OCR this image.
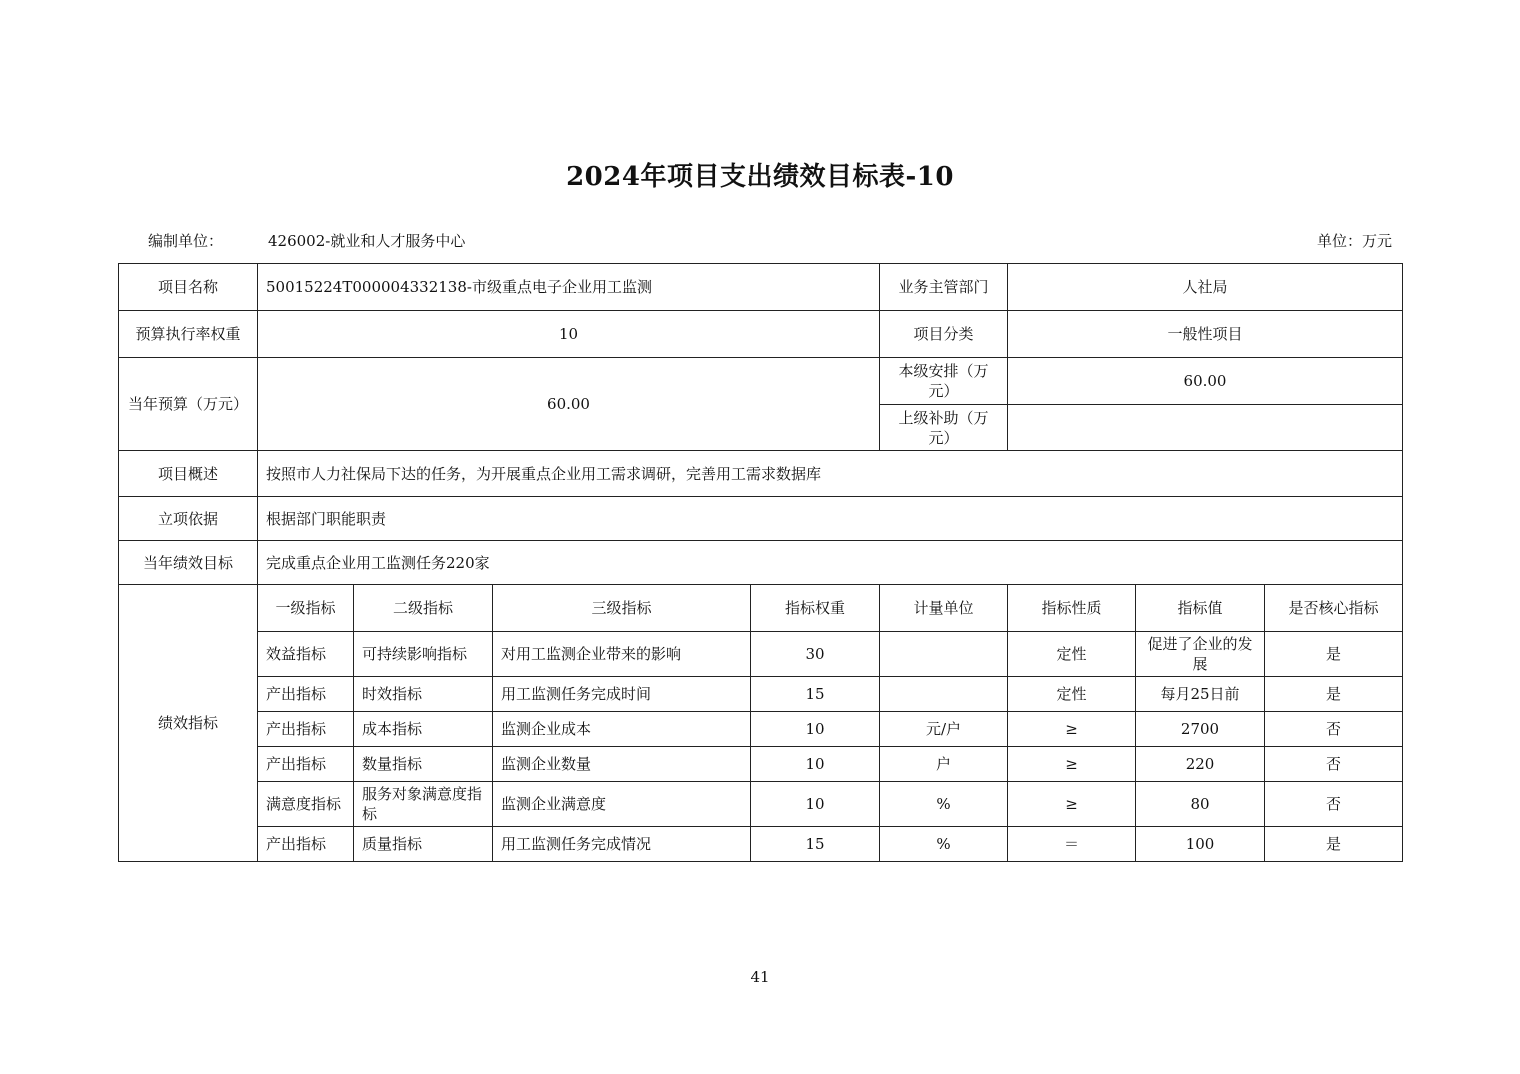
2024年项目支出绩效目标表-10
编制单位：	426002-就业和人才服务中心	单位：万元
项目名称	50015224T000004332138-市级重点电子企业用工监测				业务主管部门	人社局		
预算执行率权重	10				项目分类	一般性项目		
当年预算（万元）	60.00				本级安排（万元）	60.00		
					上级补助（万元）			
项目概述	按照市人力社保局下达的任务，为开展重点企业用工需求调研，完善用工需求数据库							
立项依据	根据部门职能职责							
当年绩效目标	完成重点企业用工监测任务220家							
绩效指标	一级指标	二级指标	三级指标	指标权重	计量单位	指标性质	指标值	是否核心指标
	效益指标	可持续影响指标	对用工监测企业带来的影响	30		定性	促进了企业的发展	是
	产出指标	时效指标	用工监测任务完成时间	15		定性	每月25日前	是
	产出指标	成本指标	监测企业成本	10	元/户	≥	2700	否
	产出指标	数量指标	监测企业数量	10	户	≥	220	否
	满意度指标	服务对象满意度指标	监测企业满意度	10	%	≥	80	否
	产出指标	质量指标	用工监测任务完成情况	15	%	＝	100	是
41
